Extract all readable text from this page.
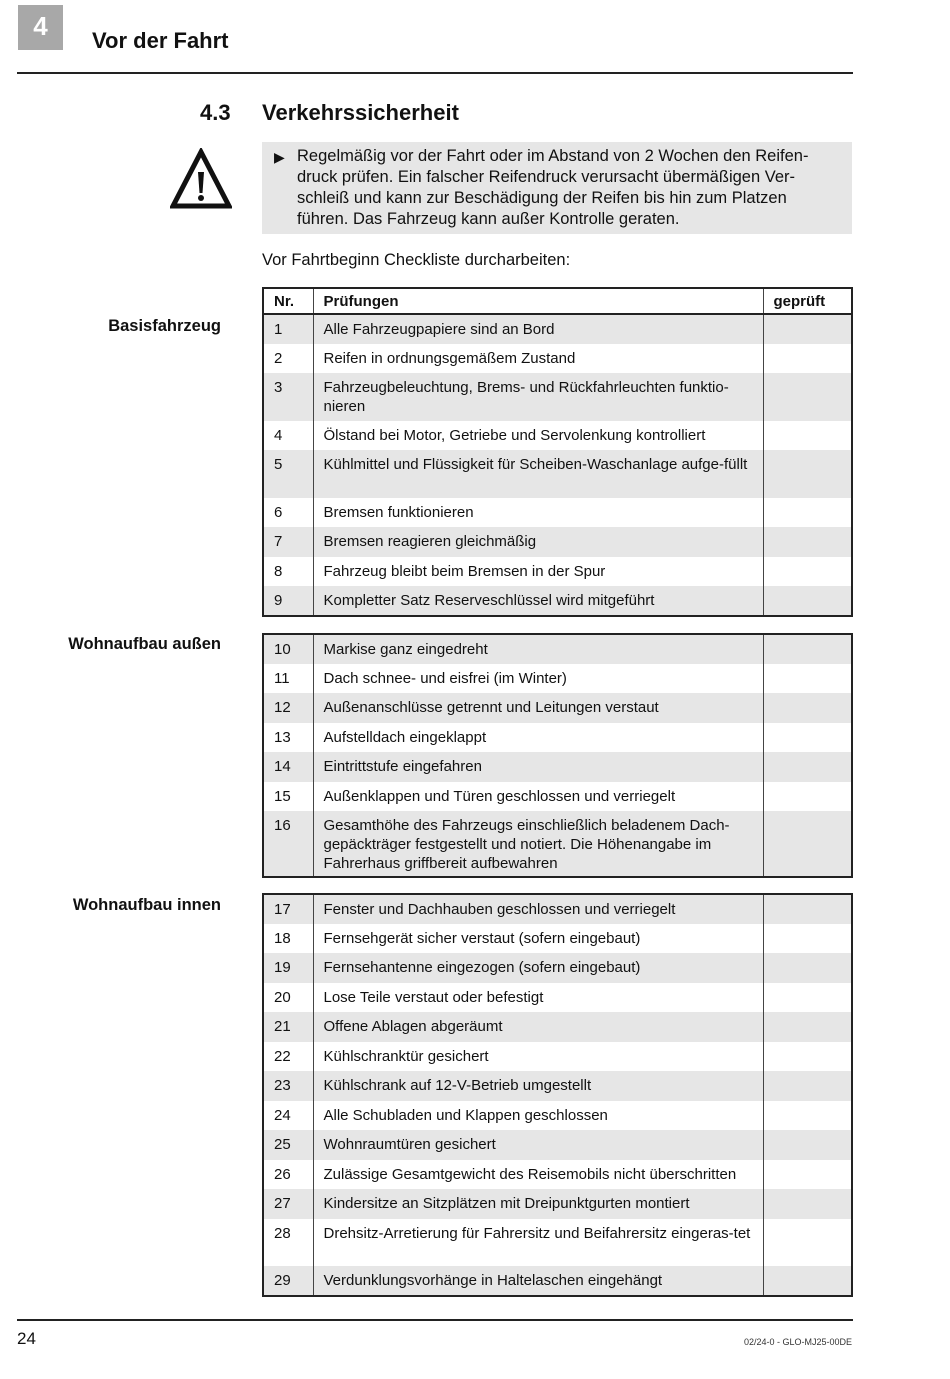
4	Vor der Fahrt
4.3 Verkehrssicherheit
▶ Regelmäßig vor der Fahrt oder im Abstand von 2 Wochen den Reifen-druck prüfen. Ein falscher Reifendruck verursacht übermäßigen Ver-schleiß und kann zur Beschädigung der Reifen bis hin zum Platzen führen. Das Fahrzeug kann außer Kontrolle geraten.
Vor Fahrtbeginn Checkliste durcharbeiten:
Basisfahrzeug
Nr.	Prüfungen	geprüft
1	Alle Fahrzeugpapiere sind an Bord	
2	Reifen in ordnungsgemäßem Zustand	
3	Fahrzeugbeleuchtung, Brems- und Rückfahrleuchten funktio-nieren	
4	Ölstand bei Motor, Getriebe und Servolenkung kontrolliert	
5	Kühlmittel und Flüssigkeit für Scheiben-Waschanlage aufge-füllt	
6	Bremsen funktionieren	
7	Bremsen reagieren gleichmäßig	
8	Fahrzeug bleibt beim Bremsen in der Spur	
9	Kompletter Satz Reserveschlüssel wird mitgeführt	
Wohnaufbau außen	10	Markise ganz eingedreht	
11	Dach schnee- und eisfrei (im Winter)	
12	Außenanschlüsse getrennt und Leitungen verstaut	
13	Aufstelldach eingeklappt	
14	Eintrittstufe eingefahren	
15	Außenklappen und Türen geschlossen und verriegelt	
16	Gesamthöhe des Fahrzeugs einschließlich beladenem Dach-gepäckträger festgestellt und notiert. Die Höhenangabe im Fahrerhaus griffbereit aufbewahren	
Wohnaufbau innen	17	Fenster und Dachhauben geschlossen und verriegelt	
18	Fernsehgerät sicher verstaut (sofern eingebaut)	
19	Fernsehantenne eingezogen (sofern eingebaut)	
20	Lose Teile verstaut oder befestigt	
21	Offene Ablagen abgeräumt	
22	Kühlschranktür gesichert	
23	Kühlschrank auf 12-V-Betrieb umgestellt	
24	Alle Schubladen und Klappen geschlossen	
25	Wohnraumtüren gesichert	
26	Zulässige Gesamtgewicht des Reisemobils nicht überschritten	
27	Kindersitze an Sitzplätzen mit Dreipunktgurten montiert	
28	Drehsitz-Arretierung für Fahrersitz und Beifahrersitz eingeras-tet	
29	Verdunklungsvorhänge in Haltelaschen eingehängt	
24	02/24-0 - GLO-MJ25-00DE
